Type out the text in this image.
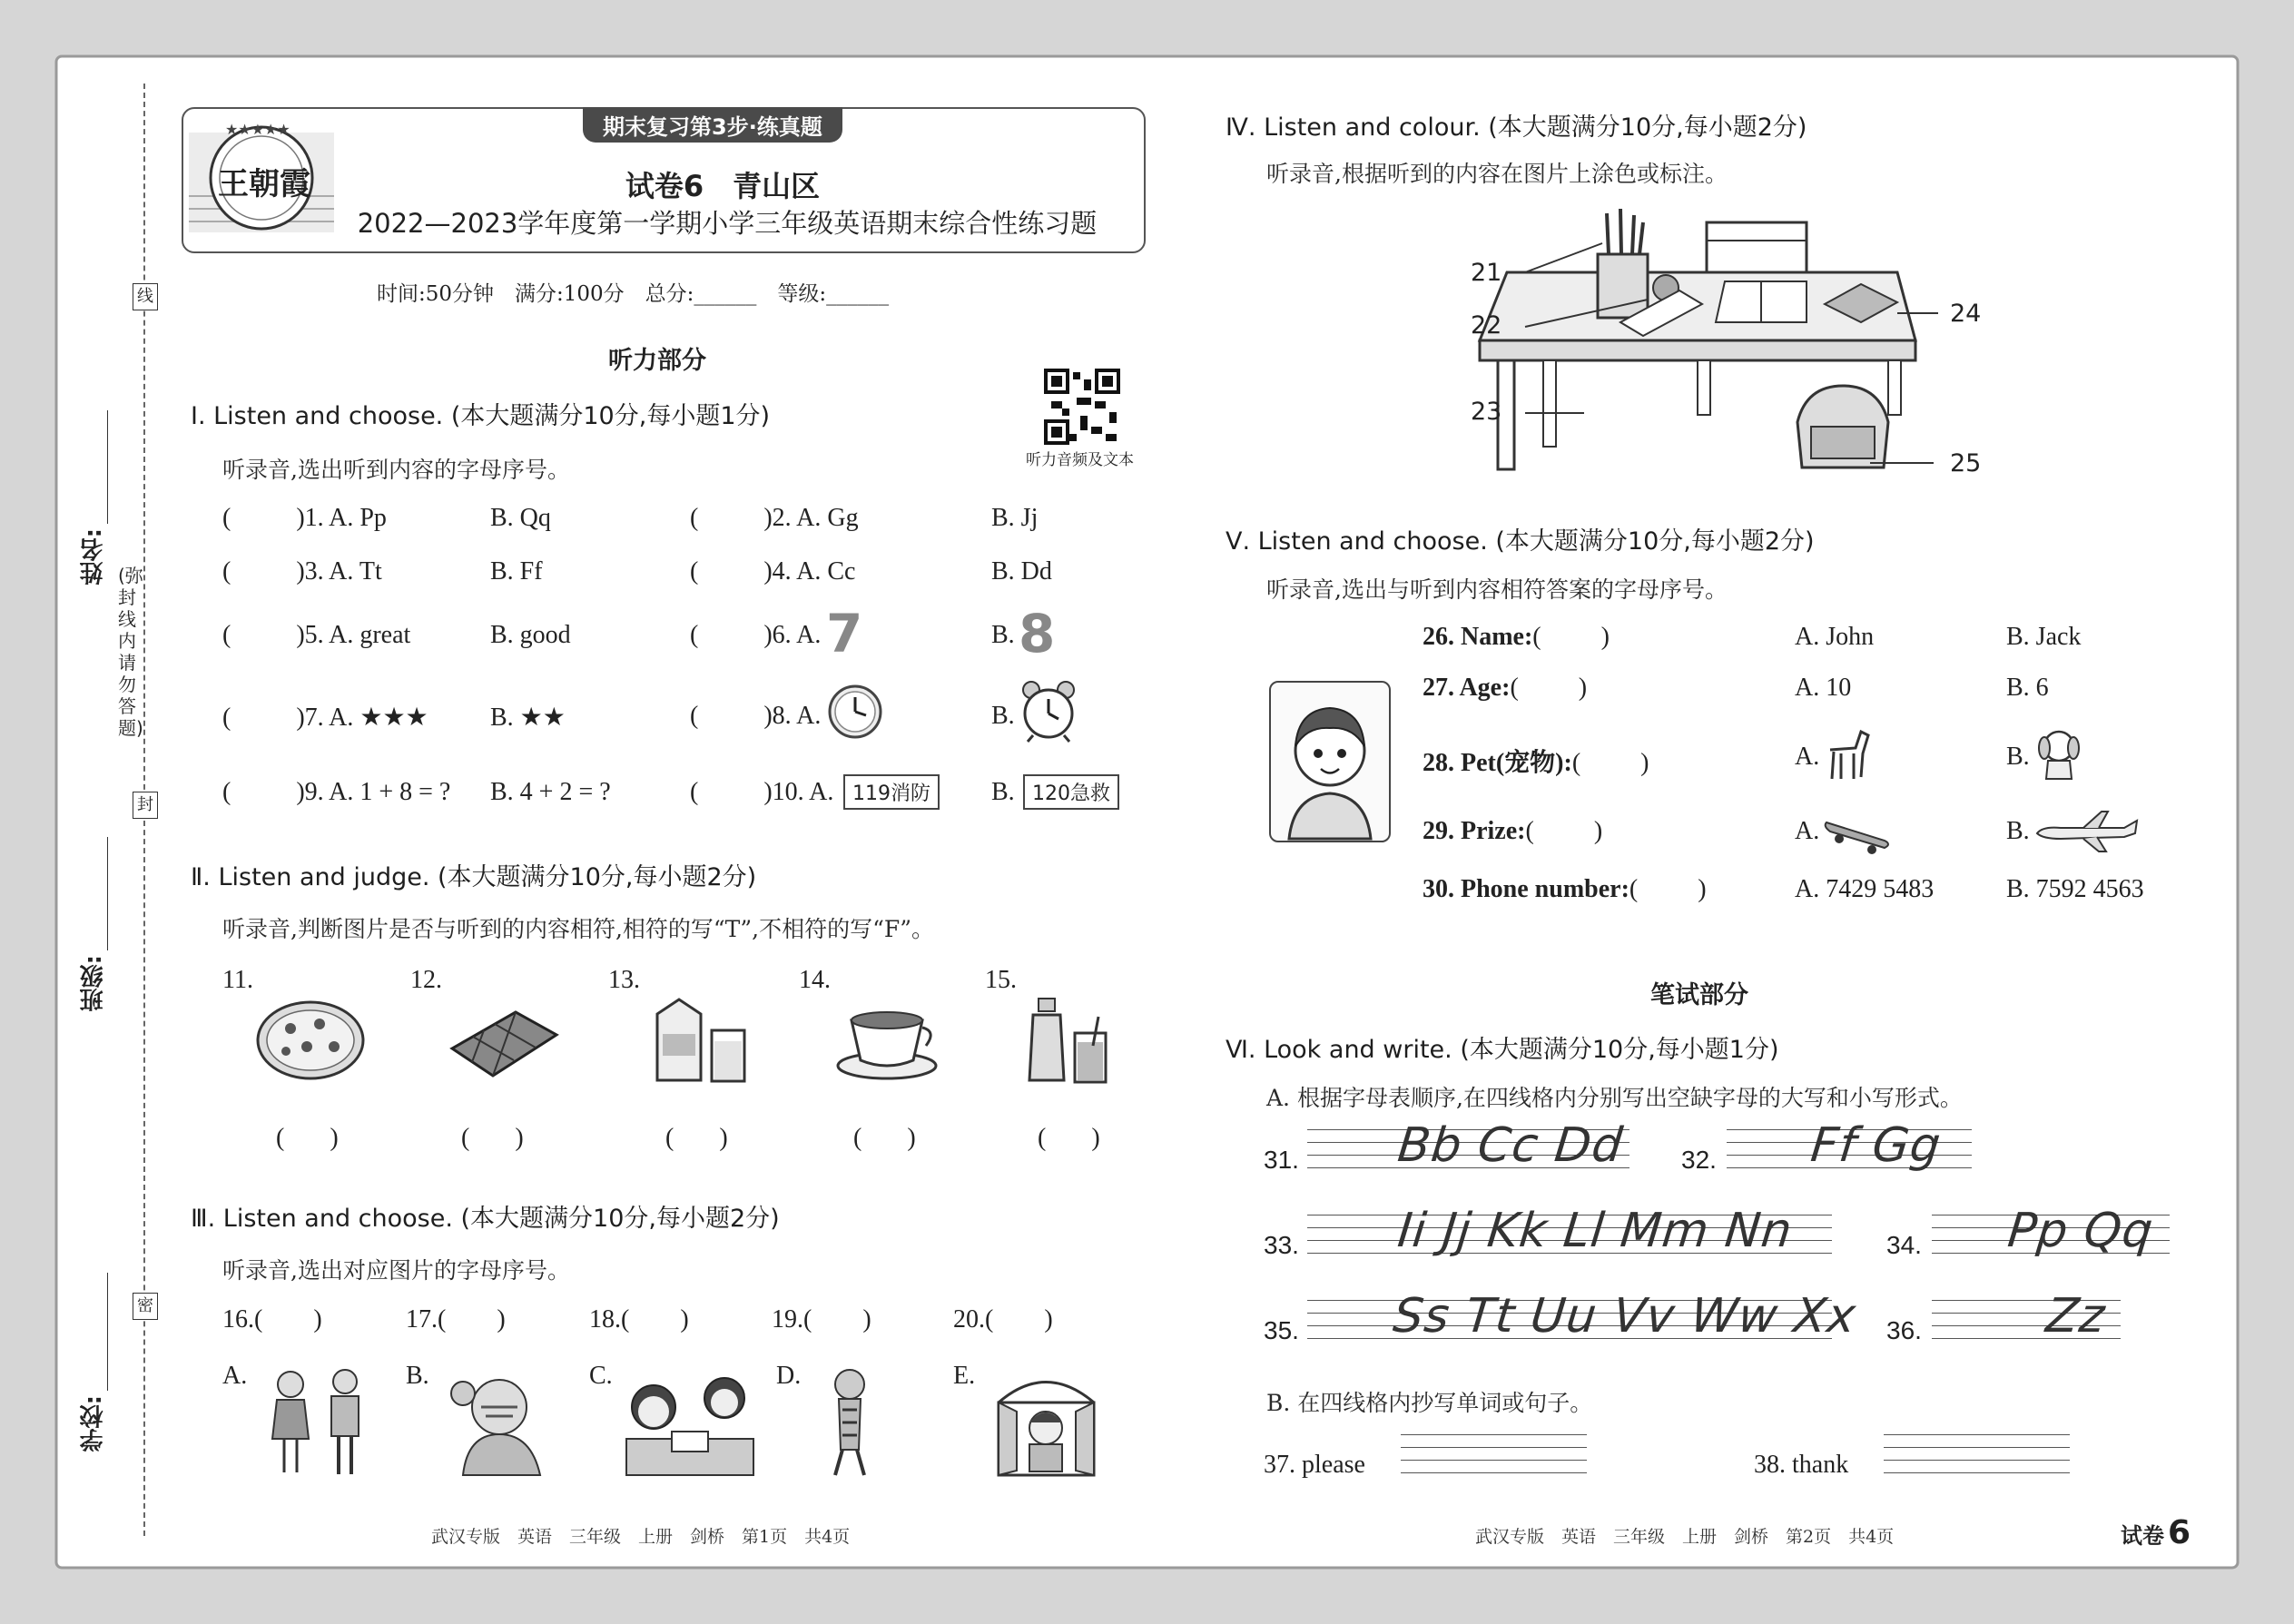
线
封
密
姓名:
班级:
学校:
(弥封线内请勿答题)
★★★★★
王朝霞
期末复习第3步·练真题
试卷6　青山区
2022—2023学年度第一学期小学三年级英语期末综合性练习题
时间:50分钟　满分:100分　总分:______　等级:______
听力部分
听力音频及文本
Ⅰ. Listen and choose. (本大题满分10分,每小题1分)
听录音,选出听到内容的字母序号。
(	)1. A. Pp	B. Qq	(	)2. A. Gg	B. Jj
(	)3. A. Tt	B. Ff	(	)4. A. Cc	B. Dd
(	)5. A. great	B. good	(	)6. A. 7	B. 8
(	)7. A. ★★★ B. ★★	(	)8. A.	B.
(	)9. A. 1 + 8 = ? B. 4 + 2 = ?	(	)10. A. 119消防	B. 120急救
Ⅱ. Listen and judge. (本大题满分10分,每小题2分)
听录音,判断图片是否与听到的内容相符,相符的写“T”,不相符的写“F”。
11.	12.	13.	14.	15.
( )	( )	( )	( )	( )
Ⅲ. Listen and choose. (本大题满分10分,每小题2分)
听录音,选出对应图片的字母序号。
16.( )	17.( )	18.( )	19.( )	20.( )
A.	B.	C.	D.	E.
武汉专版　英语　三年级　上册　剑桥　第1页　共4页
Ⅳ. Listen and colour. (本大题满分10分,每小题2分)
听录音,根据听到的内容在图片上涂色或标注。
21
22
23
24
25
Ⅴ. Listen and choose. (本大题满分10分,每小题2分)
听录音,选出与听到内容相符答案的字母序号。
26. Name:( )	A. John	B. Jack
27. Age:( )	A. 10	B. 6
28. Pet(宠物):( )	A.	B.
29. Prize:( )	A.	B.
30. Phone number:( )	A. 7429 5483	B. 7592 4563
笔试部分
Ⅵ. Look and write. (本大题满分10分,每小题1分)
A. 根据字母表顺序,在四线格内分别写出空缺字母的大写和小写形式。
31. Bb Cc Dd 32. Ff Gg
33. Ii Jj Kk Ll Mm Nn	34. Pp Qq
35. Ss Tt Uu Vv Ww Xx 36.	Zz
B. 在四线格内抄写单词或句子。
37. please	38. thank
武汉专版　英语　三年级　上册　剑桥　第2页　共4页	试卷 6
